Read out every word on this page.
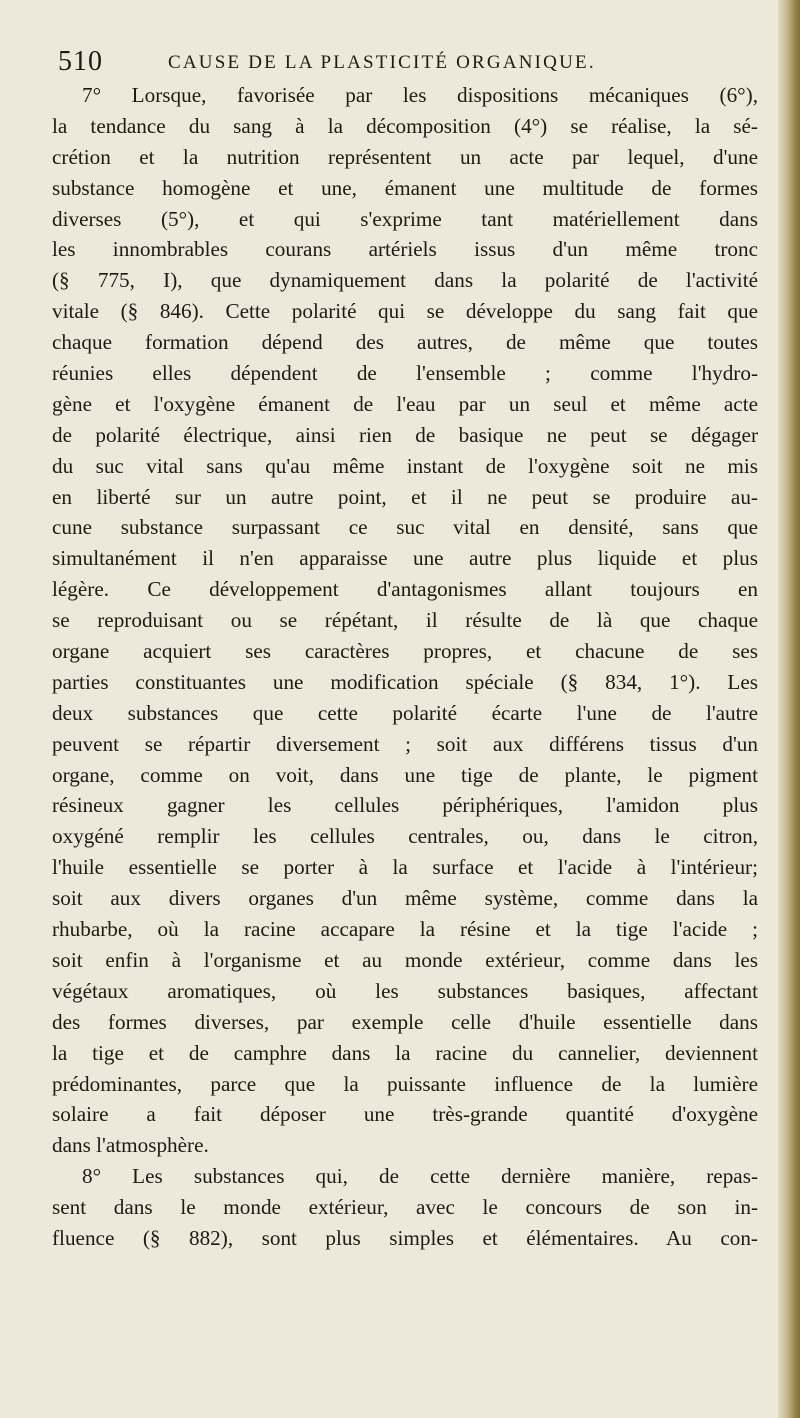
510	CAUSE DE LA PLASTICITÉ ORGANIQUE.
7° Lorsque, favorisée par les dispositions mécaniques (6°),
la tendance du sang à la décomposition (4°) se réalise, la sé-
crétion et la nutrition représentent un acte par lequel, d'une
substance homogène et une, émanent une multitude de formes
diverses (5°), et qui s'exprime tant matériellement dans
les innombrables courans artériels issus d'un même tronc
(§ 775, I), que dynamiquement dans la polarité de l'activité
vitale (§ 846). Cette polarité qui se développe du sang fait que
chaque formation dépend des autres, de même que toutes
réunies elles dépendent de l'ensemble ; comme l'hydro-
gène et l'oxygène émanent de l'eau par un seul et même acte
de polarité électrique, ainsi rien de basique ne peut se dégager
du suc vital sans qu'au même instant de l'oxygène soit ne mis
en liberté sur un autre point, et il ne peut se produire au-
cune substance surpassant ce suc vital en densité, sans que
simultanément il n'en apparaisse une autre plus liquide et plus
légère. Ce développement d'antagonismes allant toujours en
se reproduisant ou se répétant, il résulte de là que chaque
organe acquiert ses caractères propres, et chacune de ses
parties constituantes une modification spéciale (§ 834, 1°). Les
deux substances que cette polarité écarte l'une de l'autre
peuvent se répartir diversement ; soit aux différens tissus d'un
organe, comme on voit, dans une tige de plante, le pigment
résineux gagner les cellules périphériques, l'amidon plus
oxygéné remplir les cellules centrales, ou, dans le citron,
l'huile essentielle se porter à la surface et l'acide à l'intérieur;
soit aux divers organes d'un même système, comme dans la
rhubarbe, où la racine accapare la résine et la tige l'acide ;
soit enfin à l'organisme et au monde extérieur, comme dans les
végétaux aromatiques, où les substances basiques, affectant
des formes diverses, par exemple celle d'huile essentielle dans
la tige et de camphre dans la racine du cannelier, deviennent
prédominantes, parce que la puissante influence de la lumière
solaire a fait déposer une très-grande quantité d'oxygène
dans l'atmosphère.
8° Les substances qui, de cette dernière manière, repas-
sent dans le monde extérieur, avec le concours de son in-
fluence (§ 882), sont plus simples et élémentaires. Au con-
